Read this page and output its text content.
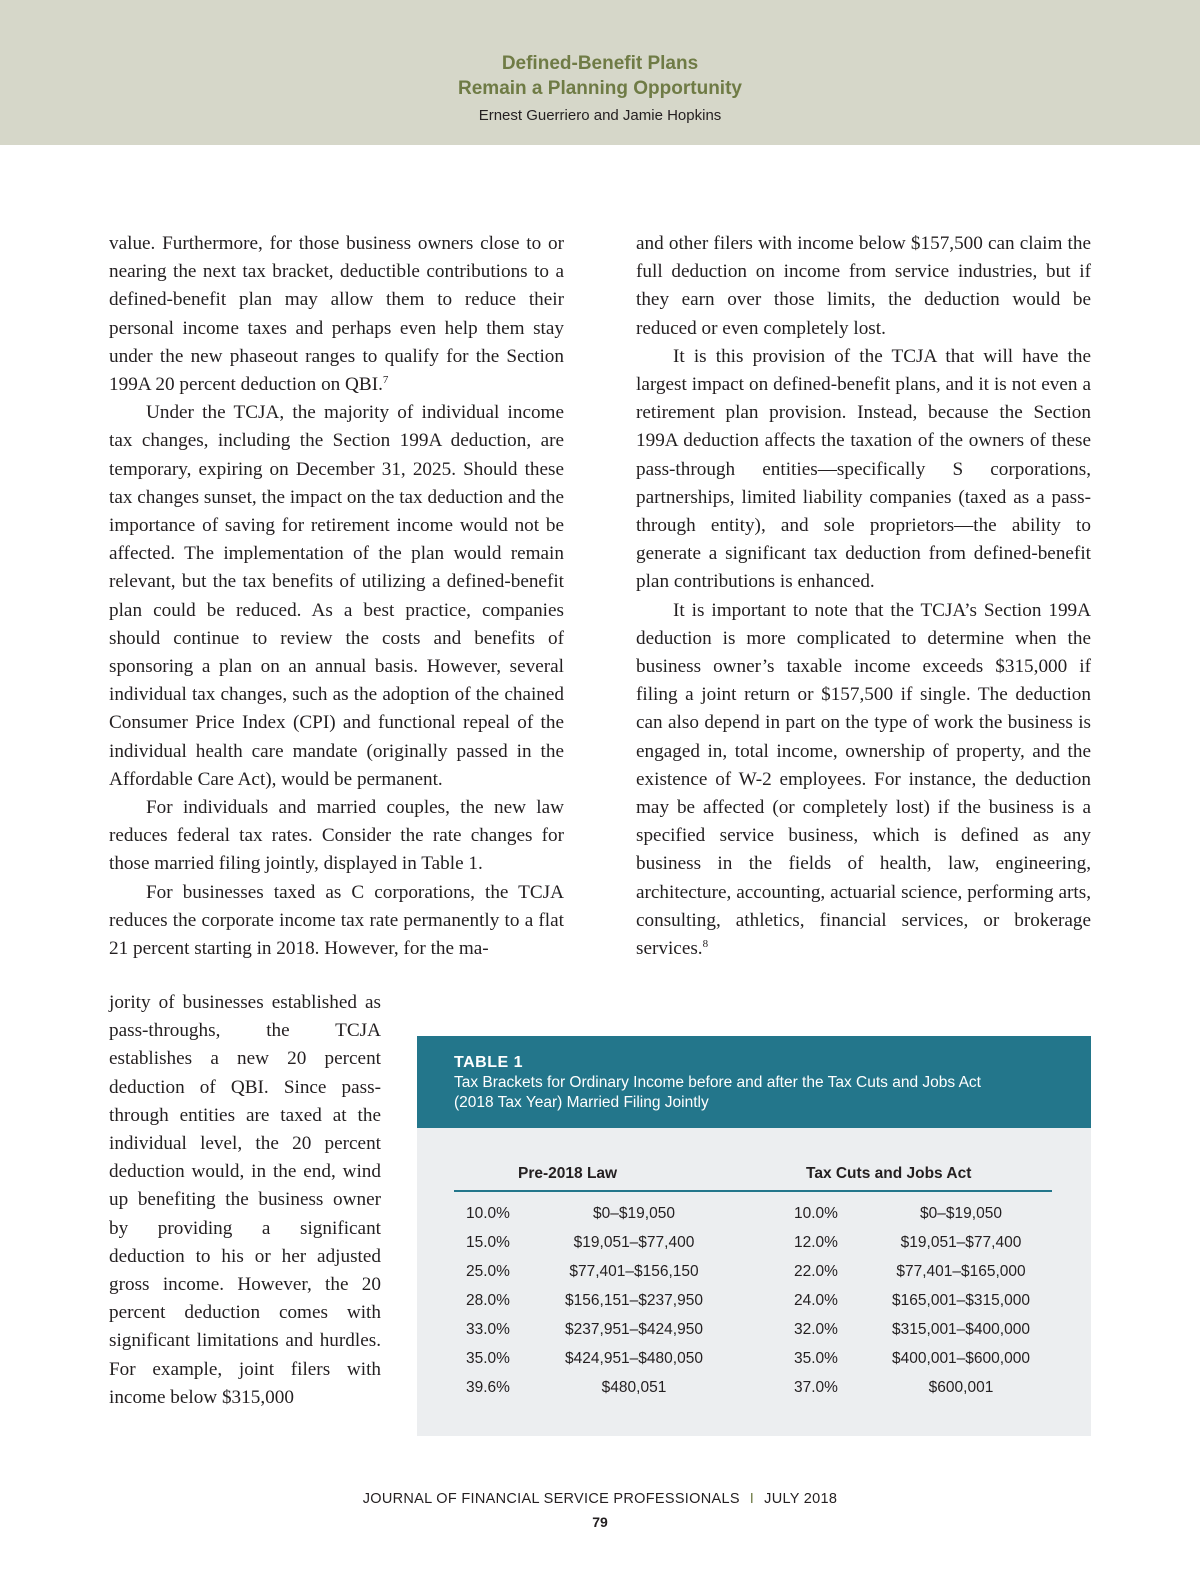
Defined-Benefit Plans
Remain a Planning Opportunity
Ernest Guerriero and Jamie Hopkins

value. Furthermore, for those business owners close to or nearing the next tax bracket, deductible contributions to a defined-benefit plan may allow them to reduce their personal income taxes and perhaps even help them stay under the new phaseout ranges to qualify for the Section 199A 20 percent deduction on QBI.$^7$

Under the TCJA, the majority of individual income tax changes, including the Section 199A deduction, are temporary, expiring on December 31, 2025. Should these tax changes sunset, the impact on the tax deduction and the importance of saving for retirement income would not be affected. The implementation of the plan would remain relevant, but the tax benefits of utilizing a defined-benefit plan could be reduced. As a best practice, companies should continue to review the costs and benefits of sponsoring a plan on an annual basis. However, several individual tax changes, such as the adoption of the chained Consumer Price Index (CPI) and functional repeal of the individual health care mandate (originally passed in the Affordable Care Act), would be permanent.

For individuals and married couples, the new law reduces federal tax rates. Consider the rate changes for those married filing jointly, displayed in Table 1.

For businesses taxed as C corporations, the TCJA reduces the corporate income tax rate permanently to a flat 21 percent starting in 2018. However, for the ma-

jority of businesses established as pass-throughs, the TCJA establishes a new 20 percent deduction of QBI. Since pass-through entities are taxed at the individual level, the 20 percent deduction would, in the end, wind up benefiting the business owner by providing a significant deduction to his or her adjusted gross income. However, the 20 percent deduction comes with significant limitations and hurdles. For example, joint filers with income below $315,000

and other filers with income below $157,500 can claim the full deduction on income from service industries, but if they earn over those limits, the deduction would be reduced or even completely lost.

It is this provision of the TCJA that will have the largest impact on defined-benefit plans, and it is not even a retirement plan provision. Instead, because the Section 199A deduction affects the taxation of the owners of these pass-through entities—specifically S corporations, partnerships, limited liability companies (taxed as a pass-through entity), and sole proprietors—the ability to generate a significant tax deduction from defined-benefit plan contributions is enhanced.

It is important to note that the TCJA’s Section 199A deduction is more complicated to determine when the business owner’s taxable income exceeds $315,000 if filing a joint return or $157,500 if single. The deduction can also depend in part on the type of work the business is engaged in, total income, ownership of property, and the existence of W-2 employees. For instance, the deduction may be affected (or completely lost) if the business is a specified service business, which is defined as any business in the fields of health, law, engineering, architecture, accounting, actuarial science, performing arts, consulting, athletics, financial services, or brokerage services.$^8$

TABLE 1
Tax Brackets for Ordinary Income before and after the Tax Cuts and Jobs Act
(2018 Tax Year) Married Filing Jointly
Pre-2018 Law	Tax Cuts and Jobs Act
10.0%	$0–$19,050	10.0%	$0–$19,050
15.0%	$19,051–$77,400	12.0%	$19,051–$77,400
25.0%	$77,401–$156,150	22.0%	$77,401–$165,000
28.0%	$156,151–$237,950	24.0%	$165,001–$315,000
33.0%	$237,951–$424,950	32.0%	$315,001–$400,000
35.0%	$424,951–$480,050	35.0%	$400,001–$600,000
39.6%	$480,051	37.0%	$600,001
JOURNAL OF FINANCIAL SERVICE PROFESSIONALS I JULY 2018
79
